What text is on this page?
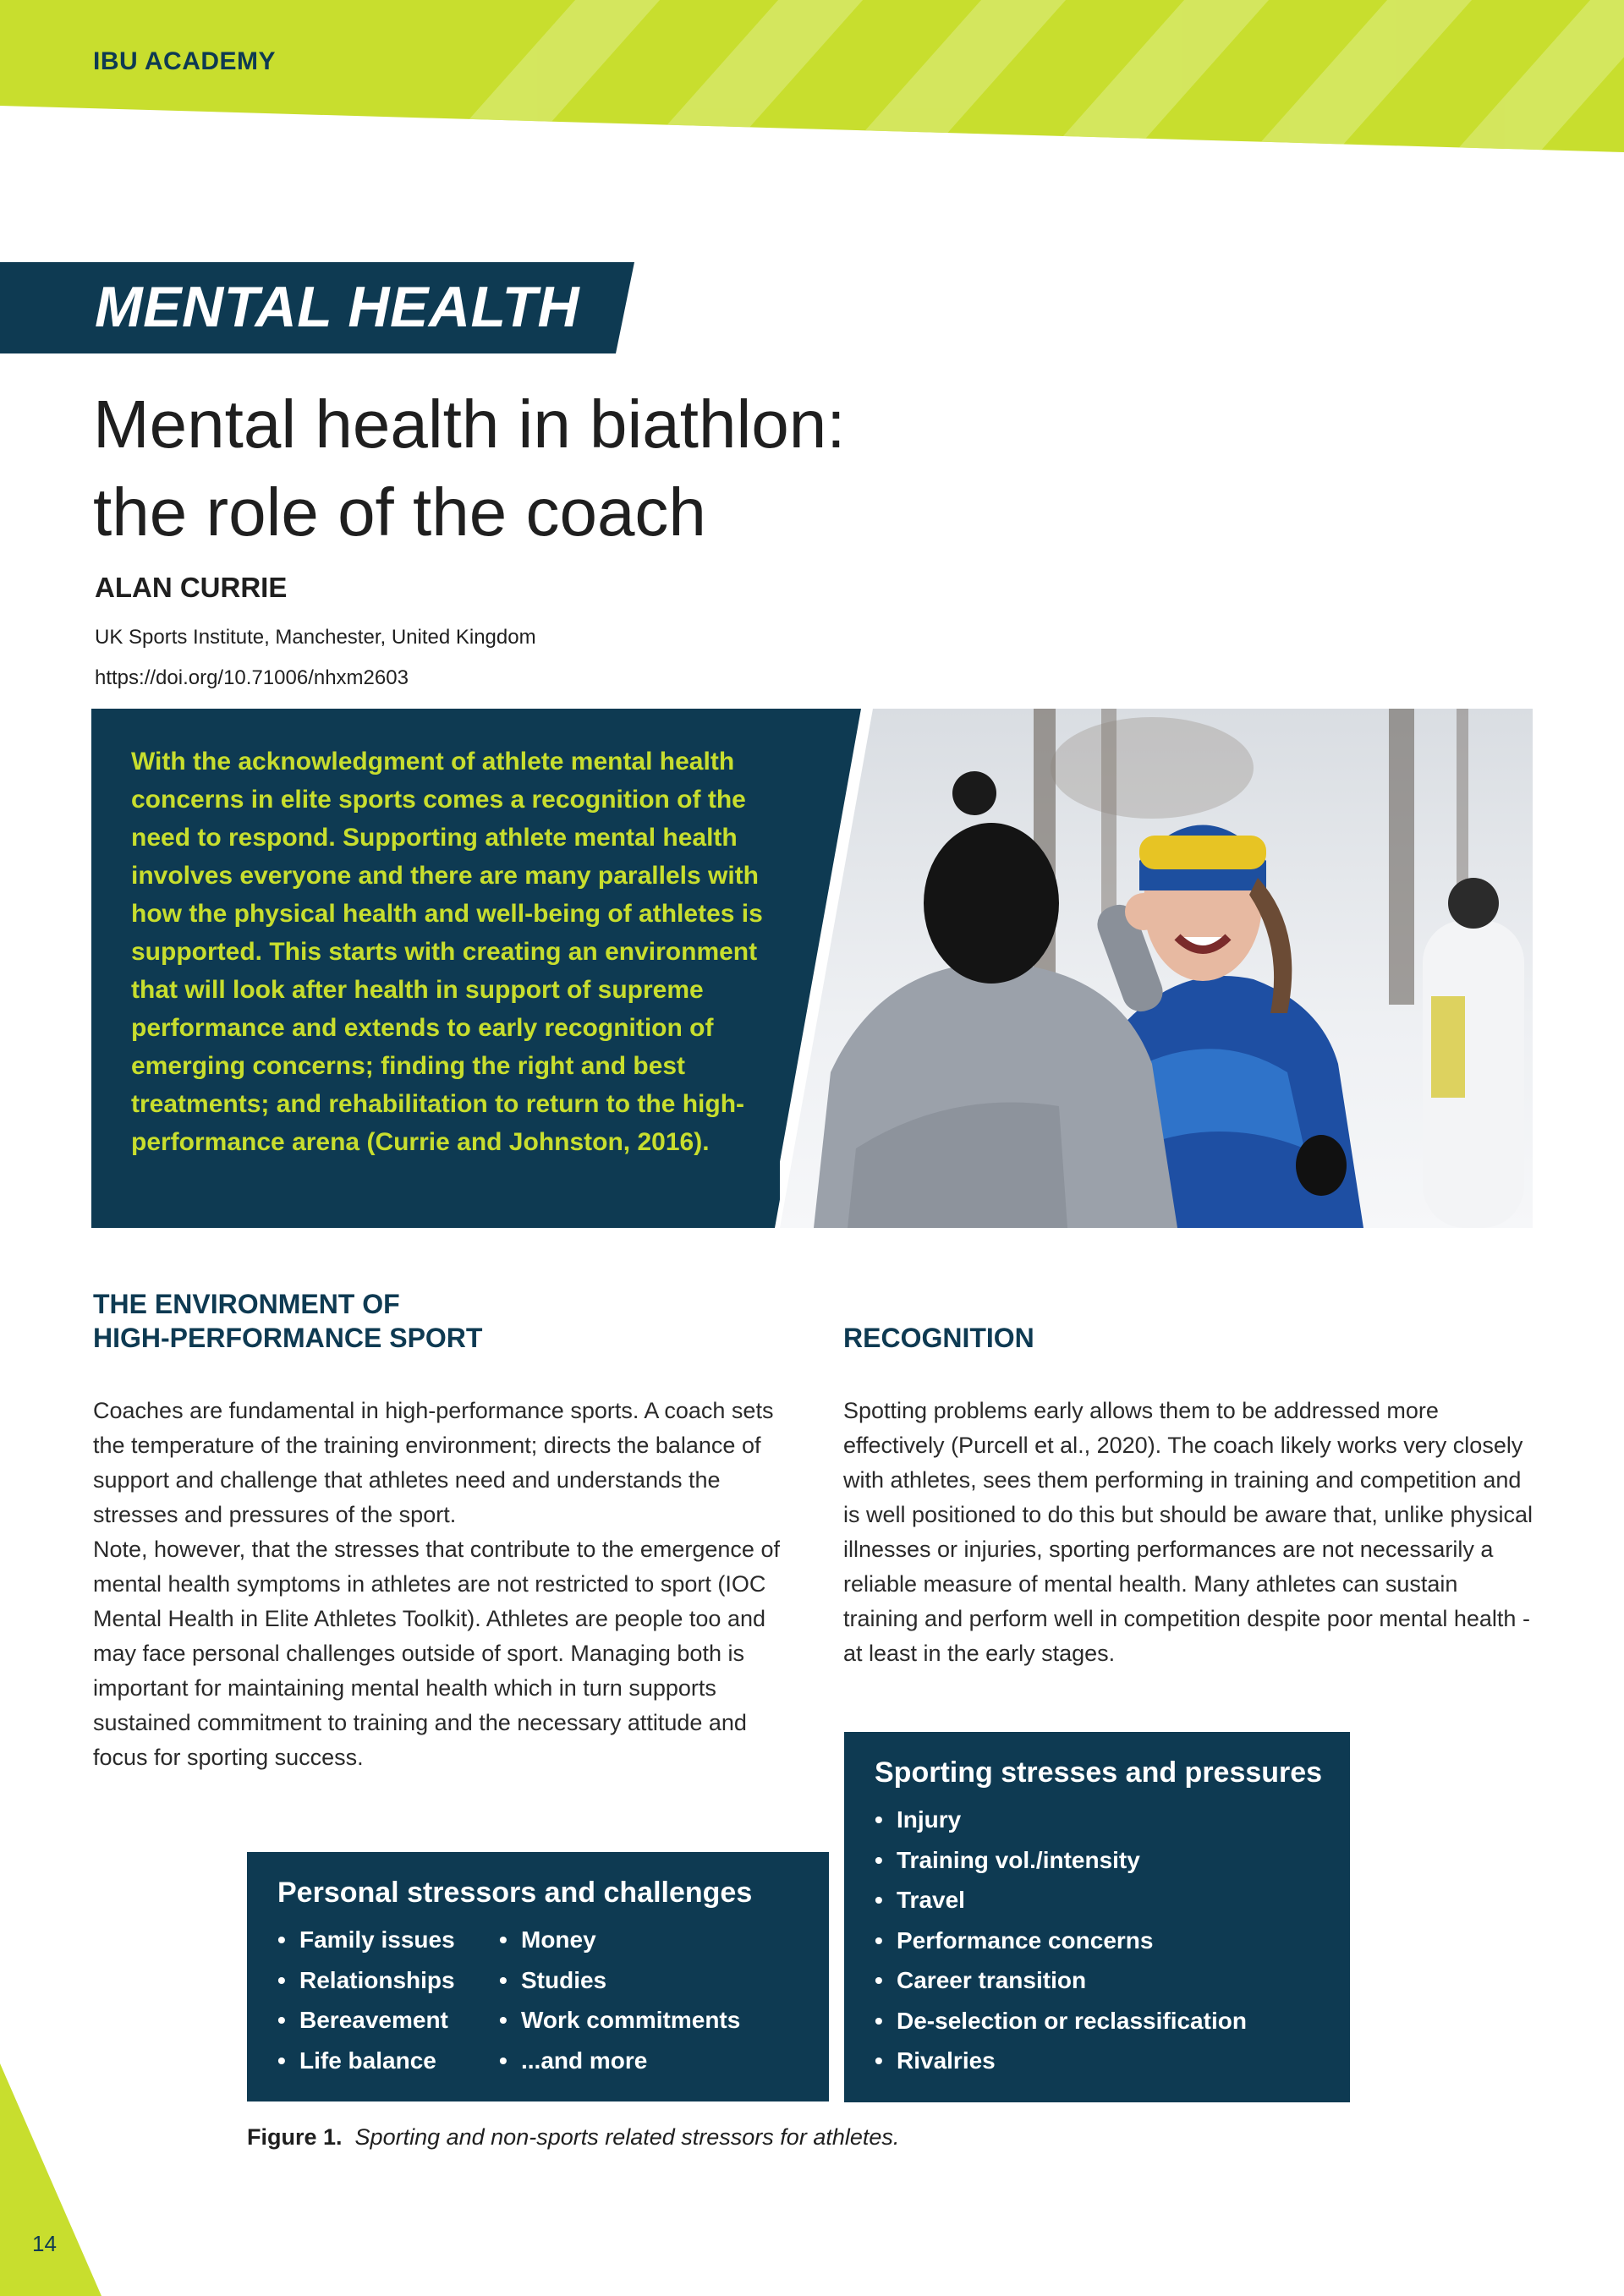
IBU ACADEMY
MENTAL HEALTH
Mental health in biathlon:
the role of the coach
ALAN CURRIE
UK Sports Institute, Manchester, United Kingdom
https://doi.org/10.71006/nhxm2603
With the acknowledgment of athlete mental health concerns in elite sports comes a recognition of the need to respond. Supporting athlete mental health involves everyone and there are many parallels with how the physical health and well-being of athletes is supported. This starts with creating an environment that will look after health in support of supreme performance and extends to early recognition of emerging concerns; finding the right and best treatments; and rehabilitation to return to the high-performance arena (Currie and Johnston, 2016).
THE ENVIRONMENT OF
HIGH-PERFORMANCE SPORT

Coaches are fundamental in high-performance sports. A coach sets the temperature of the training environment; directs the balance of support and challenge that athletes need and understands the stresses and pressures of the sport.

Note, however, that the stresses that contribute to the emergence of mental health symptoms in athletes are not restricted to sport (IOC Mental Health in Elite Athletes Toolkit). Athletes are people too and may face personal challenges outside of sport. Managing both is important for maintaining mental health which in turn supports sustained commitment to training and the necessary attitude and focus for sporting success.

RECOGNITION

Spotting problems early allows them to be addressed more effectively (Purcell et al., 2020). The coach likely works very closely with athletes, sees them performing in training and competition and is well positioned to do this but should be aware that, unlike physical illnesses or injuries, sporting performances are not necessarily a reliable measure of mental health. Many athletes can sustain training and perform well in competition despite poor mental health - at least in the early stages.

Sporting stresses and pressures
• Injury
• Training vol./intensity
• Travel
• Performance concerns
• Career transition
• De-selection or reclassification
• Rivalries
Personal stressors and challenges
• Family issues
• Relationships
• Bereavement
• Life balance
• Money
• Studies
• Work commitments
• ...and more
Figure 1. Sporting and non-sports related stressors for athletes.
14
